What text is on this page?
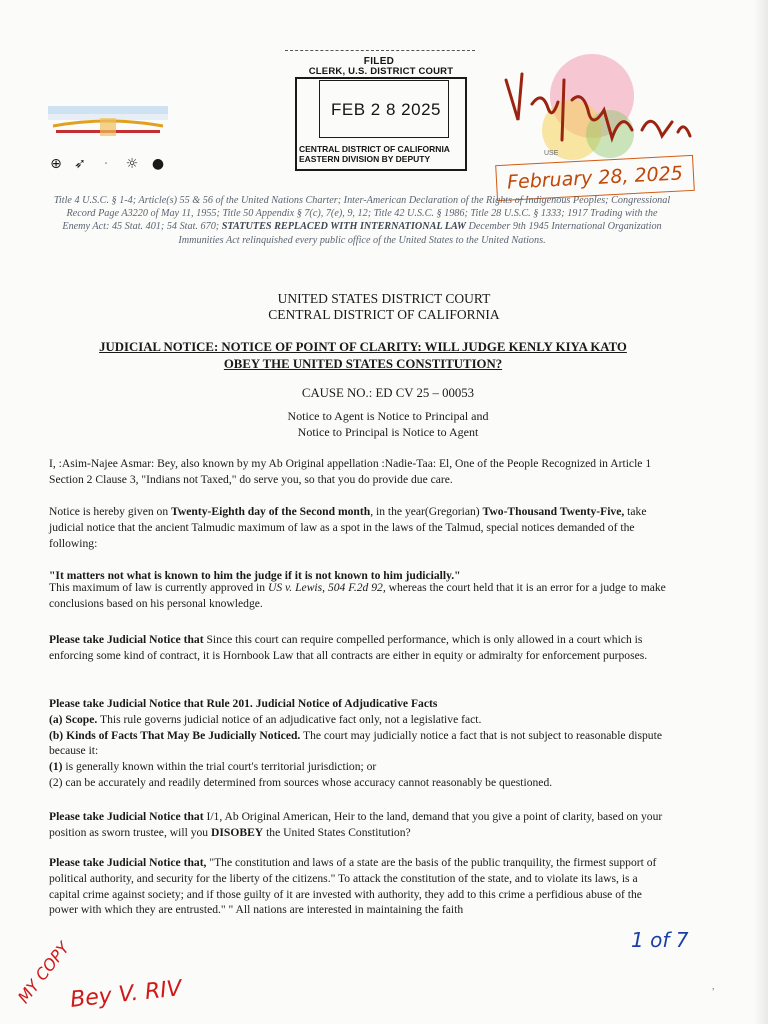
⊕ ➶	·	☼ ●
FILED
CLERK, U.S. DISTRICT COURT
FEB 2 8 2025
CENTRAL DISTRICT OF CALIFORNIA
EASTERN DIVISION BY DEPUTY
USE
February 28, 2025
Title 4 U.S.C. § 1-4; Article(s) 55 & 56 of the United Nations Charter; Inter-American Declaration of the Rights of Indigenous Peoples; Congressional Record Page A3220 of May 11, 1955; Title 50 Appendix § 7(c), 7(e), 9, 12; Title 42 U.S.C. § 1986; Title 28 U.S.C. § 1333; 1917 Trading with the Enemy Act: 45 Stat. 401; 54 Stat. 670; STATUTES REPLACED WITH INTERNATIONAL LAW December 9th 1945 International Organization Immunities Act relinquished every public office of the United States to the United Nations.
UNITED STATES DISTRICT COURT
CENTRAL DISTRICT OF CALIFORNIA
JUDICIAL NOTICE: NOTICE OF POINT OF CLARITY: WILL JUDGE KENLY KIYA KATO
OBEY THE UNITED STATES CONSTITUTION?
CAUSE NO.: ED CV 25 – 00053
Notice to Agent is Notice to Principal and
Notice to Principal is Notice to Agent
I, :Asim-Najee Asmar: Bey, also known by my Ab Original appellation :Nadie-Taa: El, One of the People Recognized in Article 1 Section 2 Clause 3, "Indians not Taxed," do serve you, so that you do provide due care.
Notice is hereby given on Twenty-Eighth day of the Second month, in the year(Gregorian) Two-Thousand Twenty-Five, take judicial notice that the ancient Talmudic maximum of law as a spot in the laws of the Talmud, special notices demanded of the following:
"It matters not what is known to him the judge if it is not known to him judicially."
This maximum of law is currently approved in US v. Lewis, 504 F.2d 92, whereas the court held that it is an error for a judge to make conclusions based on his personal knowledge.
Please take Judicial Notice that Since this court can require compelled performance, which is only allowed in a court which is enforcing some kind of contract, it is Hornbook Law that all contracts are either in equity or admiralty for enforcement purposes.
Please take Judicial Notice that Rule 201. Judicial Notice of Adjudicative Facts
(a) Scope. This rule governs judicial notice of an adjudicative fact only, not a legislative fact.
(b) Kinds of Facts That May Be Judicially Noticed. The court may judicially notice a fact that is not subject to reasonable dispute because it:
(1) is generally known within the trial court's territorial jurisdiction; or
(2) can be accurately and readily determined from sources whose accuracy cannot reasonably be questioned.
Please take Judicial Notice that I/1, Ab Original American, Heir to the land, demand that you give a point of clarity, based on your position as sworn trustee, will you DISOBEY the United States Constitution?
Please take Judicial Notice that, "The constitution and laws of a state are the basis of the public tranquility, the firmest support of political authority, and security for the liberty of the citizens." To attack the constitution of the state, and to violate its laws, is a capital crime against society; and if those guilty of it are invested with authority, they add to this crime a perfidious abuse of the power with which they are entrusted." " All nations are interested in maintaining the faith
1 of 7
,
MY COPY
Bey V. RIV
